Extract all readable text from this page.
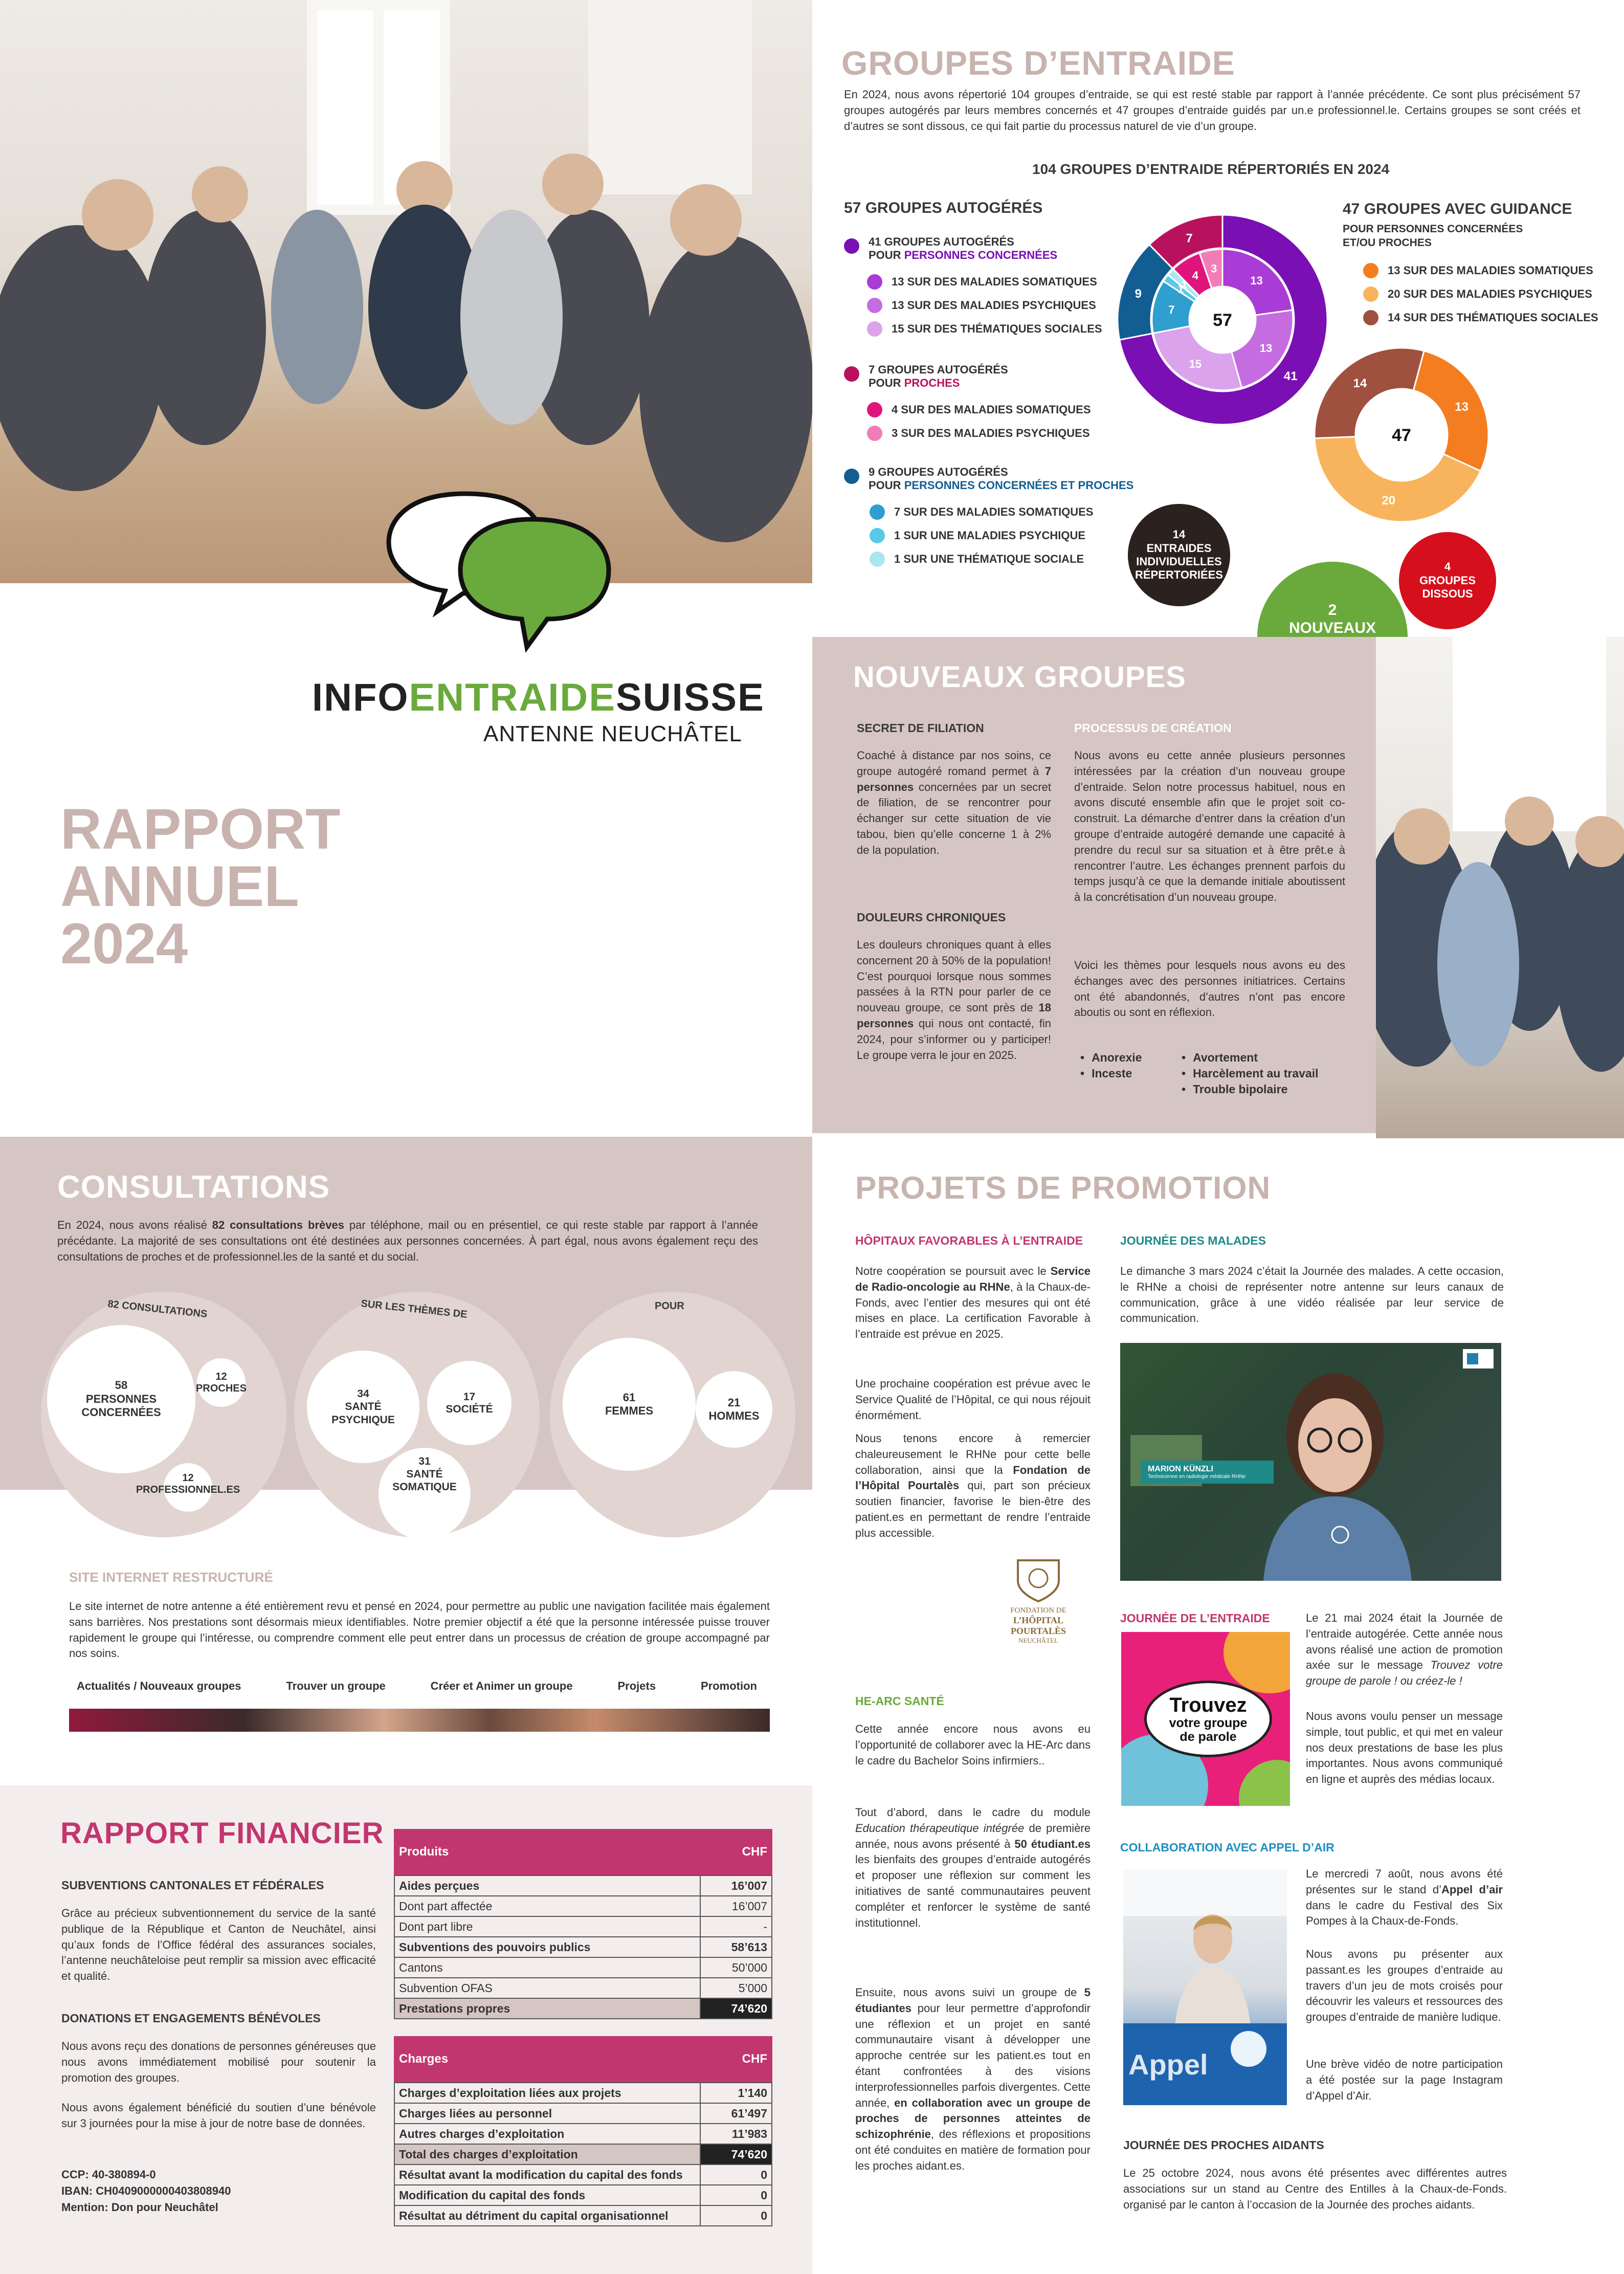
INFOENTRAIDESUISSE
ANTENNE NEUCHÂTEL
RAPPORT
ANNUEL
2024
GROUPES D’ENTRAIDE
En 2024, nous avons répertorié 104 groupes d’entraide, se qui est resté stable par rapport à l’année précédente. Ce sont plus précisément 57 groupes autogérés par leurs membres concernés et 47 groupes d’entraide guidés par un.e professionnel.le. Certains groupes se sont créés et d’autres se sont dissous, ce qui fait partie du processus naturel de vie d’un groupe.
104 GROUPES D’ENTRAIDE RÉPERTORIÉS EN 2024
57 GROUPES AUTOGÉRÉS
41 GROUPES AUTOGÉRÉS
POUR PERSONNES CONCERNÉES
13 SUR DES MALADIES SOMATIQUES
13 SUR DES MALADIES PSYCHIQUES
15 SUR DES THÉMATIQUES SOCIALES
7 GROUPES AUTOGÉRÉS
POUR PROCHES
4 SUR DES MALADIES SOMATIQUES
3 SUR DES MALADIES PSYCHIQUES
9 GROUPES AUTOGÉRÉS
POUR PERSONNES CONCERNÉES ET PROCHES
7 SUR DES MALADIES SOMATIQUES
1 SUR UNE MALADIES PSYCHIQUE
1 SUR UNE THÉMATIQUE SOCIALE
47 GROUPES AVEC GUIDANCE
POUR PERSONNES CONCERNÉES
ET/OU PROCHES
13 SUR DES MALADIES SOMATIQUES
20 SUR DES MALADIES PSYCHIQUES
14 SUR DES THÉMATIQUES SOCIALES
41
9
7
13
13
15
7
1
1
4
3
57
13
20
14
47
14
ENTRAIDES
INDIVIDUELLES
RÉPERTORIÉES
4
GROUPES
DISSOUS
2
NOUVEAUX
NOUVEAUX GROUPES
SECRET DE FILIATION
Coaché à distance par nos soins, ce groupe autogéré romand permet à 7 personnes concernées par un secret de filiation, de se rencontrer pour échanger sur cette situation de vie tabou, bien qu’elle concerne 1 à 2% de la population.
DOULEURS CHRONIQUES
Les douleurs chroniques quant à elles concernent 20 à 50% de la population! C’est pourquoi lorsque nous sommes passées à la RTN pour parler de ce nouveau groupe, ce sont près de 18 personnes qui nous ont contacté, fin 2024, pour s’informer ou y participer! Le groupe verra le jour en 2025.
PROCESSUS DE CRÉATION
Nous avons eu cette année plusieurs personnes intéressées par la création d’un nouveau groupe d’entraide. Selon notre processus habituel, nous en avons discuté ensemble afin que le projet soit co-construit. La démarche d’entrer dans la création d’un groupe d’entraide autogéré demande une capacité à prendre du recul sur sa situation et à être prêt.e à rencontrer l’autre. Les échanges prennent parfois du temps jusqu’à ce que la demande initiale aboutissent à la concrétisation d’un nouveau groupe.
Voici les thèmes pour lesquels nous avons eu des échanges avec des personnes initiatrices. Certains ont été abandonnés, d’autres n’ont pas encore aboutis ou sont en réflexion.
• Anorexie
• Inceste
• Avortement
• Harcèlement au travail
• Trouble bipolaire
CONSULTATIONS
En 2024, nous avons réalisé 82 consultations brèves par téléphone, mail ou en présentiel, ce qui reste stable par rapport à l’année précédante. La majorité de ses consultations ont été destinées aux personnes concernées. À part égal, nous avons également reçu des consultations de proches et de professionnel.les de la santé et du social.
82 CONSULTATIONS
58
PERSONNES
CONCERNÉES
12
PROCHES
12
PROFESSIONNEL.ES
SUR LES THÈMES DE
34
SANTÉ
PSYCHIQUE
17
SOCIÉTÉ
31
SANTÉ
SOMATIQUE
POUR
61
FEMMES
21
HOMMES
SITE INTERNET RESTRUCTURÉ
Le site internet de notre antenne a été entièrement revu et pensé en 2024, pour permettre au public une navigation facilitée mais également sans barrières. Nos prestations sont désormais mieux identifiables. Notre premier objectif a été que la personne intéressée puisse trouver rapidement le groupe qui l’intéresse, ou comprendre comment elle peut entrer dans un processus de création de groupe accompagné par nos soins.
Actualités / Nouveaux groupes	Trouver un groupe	Créer et Animer un groupe	Projets	Promotion
RAPPORT FINANCIER
SUBVENTIONS CANTONALES ET FÉDÉRALES
Grâce au précieux subventionnement du service de la santé publique de la République et Canton de Neuchâtel, ainsi qu’aux fonds de l’Office fédéral des assurances sociales, l’antenne neuchâteloise peut remplir sa mission avec efficacité et qualité.
DONATIONS ET ENGAGEMENTS BÉNÉVOLES
Nous avons reçu des donations de personnes généreuses que nous avons immédiatement mobilisé pour soutenir la promotion des groupes.
Nous avons également bénéficié du soutien d’une bénévole sur 3 journées pour la mise à jour de notre base de données.
CCP: 40-380894-0
IBAN: CH0409000000403808940
Mention: Don pour Neuchâtel
Produits	CHF
Aides perçues	16’007
Dont part affectée	16’007
Dont part libre	-
Subventions des pouvoirs publics	58’613
Cantons	50’000
Subvention OFAS	5’000
Prestations propres	74’620
Charges	CHF
Charges d’exploitation liées aux projets	1’140
Charges liées au personnel	61’497
Autres charges d’exploitation	11’983
Total des charges d’exploitation	74’620
Résultat avant la modification du capital des fonds	0
Modification du capital des fonds	0
Résultat au détriment du capital organisationnel	0
PROJETS DE PROMOTION
HÔPITAUX FAVORABLES À L’ENTRAIDE
Notre coopération se poursuit avec le Service de Radio-oncologie au RHNe, à la Chaux-de-Fonds, avec l’entier des mesures qui ont été mises en place. La certification Favorable à l’entraide est prévue en 2025.
Une prochaine coopération est prévue avec le Service Qualité de l’Hôpital, ce qui nous réjouit énormément.
Nous tenons encore à remercier chaleureusement le RHNe pour cette belle collaboration, ainsi que la Fondation de l’Hôpital Pourtalès qui, part son précieux soutien financier, favorise le bien-être des patient.es en permettant de rendre l’entraide plus accessible.
FONDATION DE
L’HÔPITAL POURTALÈS
NEUCHÂTEL
HE-ARC SANTÉ
Cette année encore nous avons eu l’opportunité de collaborer avec la HE-Arc dans le cadre du Bachelor Soins infirmiers..
Tout d’abord, dans le cadre du module Education thérapeutique intégrée de première année, nous avons présenté à 50 étudiant.es les bienfaits des groupes d’entraide autogérés et proposer une réflexion sur comment les initiatives de santé communautaires peuvent compléter et renforcer le système de santé institutionnel.
Ensuite, nous avons suivi un groupe de 5 étudiantes pour leur permettre d’approfondir une réflexion et un projet en santé communautaire visant à développer une approche centrée sur les patient.es tout en étant confrontées à des visions interprofessionnelles parfois divergentes. Cette année, en collaboration avec un groupe de proches de personnes atteintes de schizophrénie, des réflexions et propositions ont été conduites en matière de formation pour les proches aidant.es.
JOURNÉE DES MALADES
Le dimanche 3 mars 2024 c’était la Journée des malades. A cette occasion, le RHNe a choisi de représenter notre antenne sur leurs canaux de communication, grâce à une vidéo réalisée par leur service de communication.
MARION KÜNZLI
Technicienne en radiologie médicale RHNe
JOURNÉE DE L’ENTRAIDE
Trouvez
votre groupe
de parole
Le 21 mai 2024 était la Journée de l’entraide autogérée. Cette année nous avons réalisé une action de promotion axée sur le message Trouvez votre groupe de parole ! ou créez-le !
Nous avons voulu penser un message simple, tout public, et qui met en valeur nos deux prestations de base les plus importantes. Nous avons communiqué en ligne et auprès des médias locaux.
COLLABORATION AVEC APPEL D’AIR
Appel
Le mercredi 7 août, nous avons été présentes sur le stand d’Appel d’air dans le cadre du Festival des Six Pompes à la Chaux-de-Fonds.
Nous avons pu présenter aux passant.es les groupes d’entraide au travers d’un jeu de mots croisés pour découvrir les valeurs et ressources des groupes d’entraide de manière ludique.
Une brève vidéo de notre participation a été postée sur la page Instagram d’Appel d’Air.
JOURNÉE DES PROCHES AIDANTS
Le 25 octobre 2024, nous avons été présentes avec différentes autres associations sur un stand au Centre des Entilles à la Chaux-de-Fonds. organisé par le canton à l’occasion de la Journée des proches aidants.
